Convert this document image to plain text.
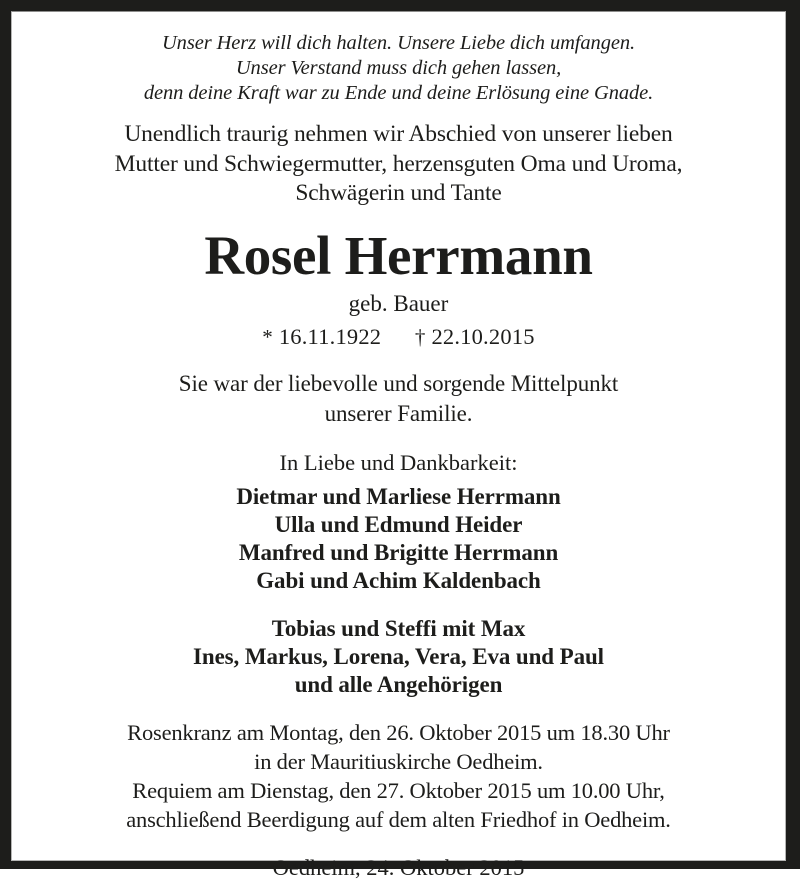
Unser Herz will dich halten. Unsere Liebe dich umfangen.
Unser Verstand muss dich gehen lassen,
denn deine Kraft war zu Ende und deine Erlösung eine Gnade.
Unendlich traurig nehmen wir Abschied von unserer lieben
Mutter und Schwiegermutter, herzensguten Oma und Uroma,
Schwägerin und Tante
Rosel Herrmann
geb. Bauer
* 16.11.1922 † 22.10.2015
Sie war der liebevolle und sorgende Mittelpunkt
unserer Familie.
In Liebe und Dankbarkeit:
Dietmar und Marliese Herrmann
Ulla und Edmund Heider
Manfred und Brigitte Herrmann
Gabi und Achim Kaldenbach
Tobias und Steffi mit Max
Ines, Markus, Lorena, Vera, Eva und Paul
und alle Angehörigen
Rosenkranz am Montag, den 26. Oktober 2015 um 18.30 Uhr
in der Mauritiuskirche Oedheim.
Requiem am Dienstag, den 27. Oktober 2015 um 10.00 Uhr,
anschließend Beerdigung auf dem alten Friedhof in Oedheim.
Oedheim, 24. Oktober 2015
